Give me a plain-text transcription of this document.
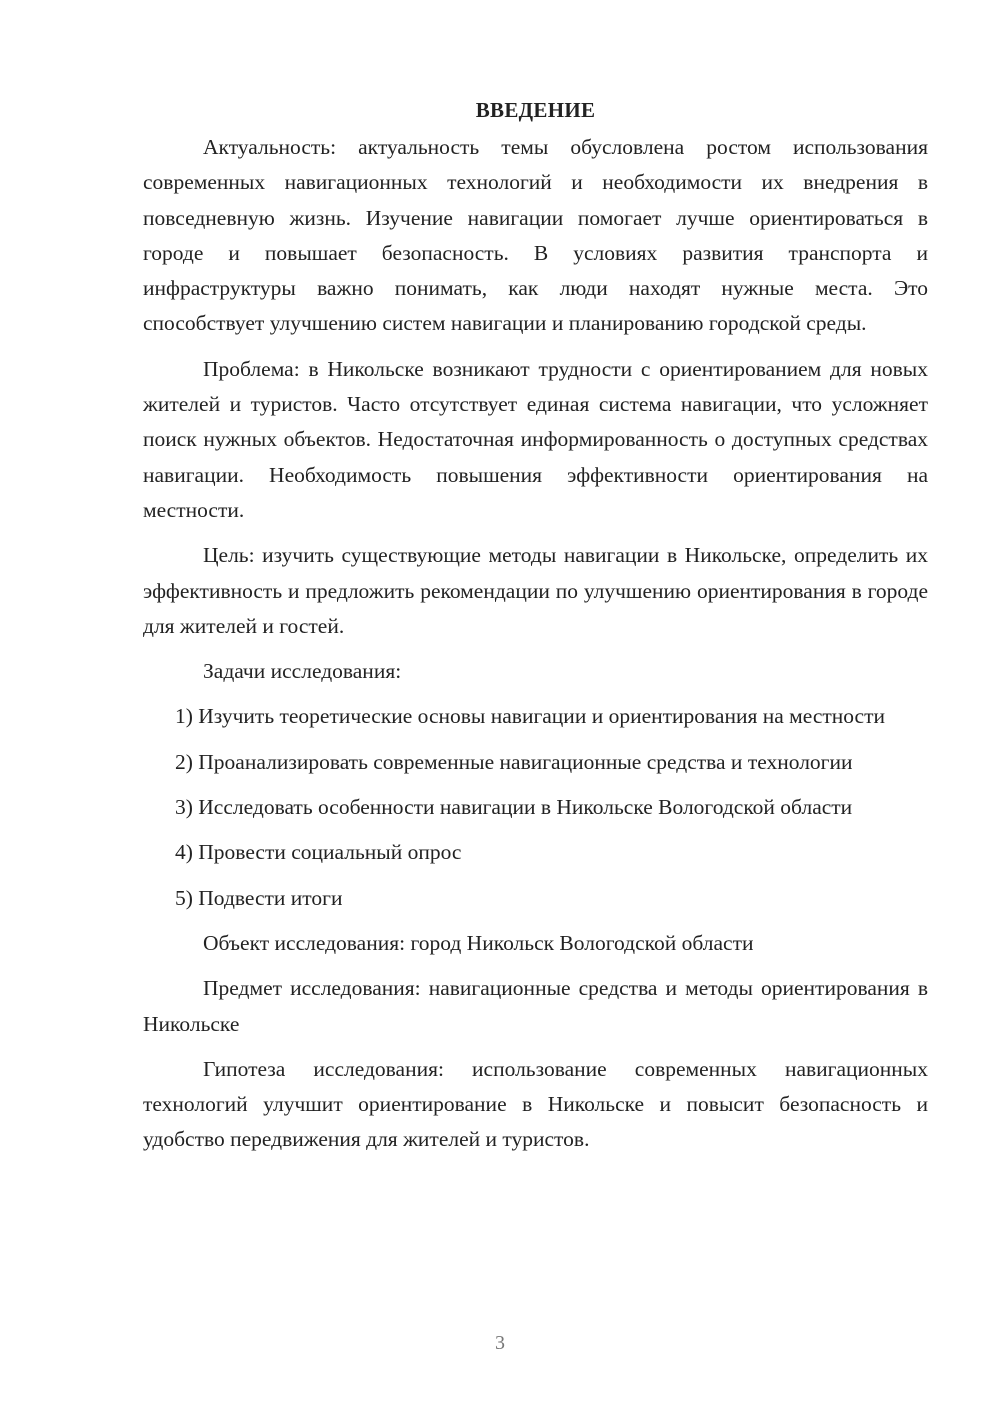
ВВЕДЕНИЕ

Актуальность: актуальность темы обусловлена ростом использования современных навигационных технологий и необходимости их внедрения в повседневную жизнь. Изучение навигации помогает лучше ориентироваться в городе и повышает безопасность. В условиях развития транспорта и инфраструктуры важно понимать, как люди находят нужные места. Это способствует улучшению систем навигации и планированию городской среды.

Проблема: в Никольске возникают трудности с ориентированием для новых жителей и туристов. Часто отсутствует единая система навигации, что усложняет поиск нужных объектов. Недостаточная информированность о доступных средствах навигации. Необходимость повышения эффективности ориентирования на местности.

Цель: изучить существующие методы навигации в Никольске, определить их эффективность и предложить рекомендации по улучшению ориентирования в городе для жителей и гостей.

Задачи исследования:

1) Изучить теоретические основы навигации и ориентирования на местности

2) Проанализировать современные навигационные средства и технологии

3) Исследовать особенности навигации в Никольске Вологодской области

4) Провести социальный опрос

5) Подвести итоги

Объект исследования: город Никольск Вологодской области

Предмет исследования: навигационные средства и методы ориентирования в Никольске

Гипотеза исследования: использование современных навигационных технологий улучшит ориентирование в Никольске и повысит безопасность и удобство передвижения для жителей и туристов.

3
